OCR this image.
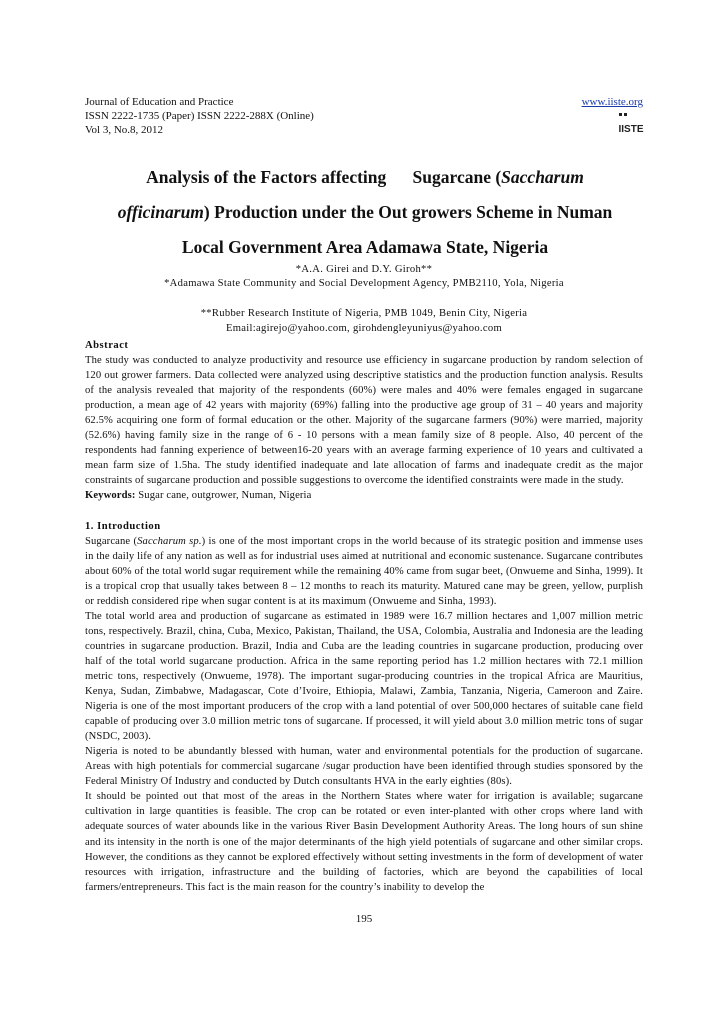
Journal of Education and Practice
ISSN 2222-1735 (Paper) ISSN 2222-288X (Online)
Vol 3, No.8, 2012
www.iiste.org
IISTE
Analysis of the Factors affecting Sugarcane (Saccharum
officinarum) Production under the Out growers Scheme in Numan
Local Government Area Adamawa State, Nigeria
*A.A. Girei and D.Y. Giroh**
*Adamawa State Community and Social Development Agency, PMB2110, Yola, Nigeria
**Rubber Research Institute of Nigeria, PMB 1049, Benin City, Nigeria
Email:agirejo@yahoo.com, girohdengleyuniyus@yahoo.com

Abstract

The study was conducted to analyze productivity and resource use efficiency in sugarcane production by random selection of 120 out grower farmers. Data collected were analyzed using descriptive statistics and the production function analysis. Results of the analysis revealed that majority of the respondents (60%) were males and 40% were females engaged in sugarcane production, a mean age of 42 years with majority (69%) falling into the productive age group of 31 – 40 years and majority 62.5% acquiring one form of formal education or the other. Majority of the sugarcane farmers (90%) were married, majority (52.6%) having family size in the range of 6 - 10 persons with a mean family size of 8 people. Also, 40 percent of the respondents had fanning experience of between16-20 years with an average farming experience of 10 years and cultivated a mean farm size of 1.5ha. The study identified inadequate and late allocation of farms and inadequate credit as the major constraints of sugarcane production and possible suggestions to overcome the identified constraints were made in the study.

Keywords: Sugar cane, outgrower, Numan, Nigeria

1. Introduction

Sugarcane (Saccharum sp.) is one of the most important crops in the world because of its strategic position and immense uses in the daily life of any nation as well as for industrial uses aimed at nutritional and economic sustenance. Sugarcane contributes about 60% of the total world sugar requirement while the remaining 40% came from sugar beet, (Onwueme and Sinha, 1999). It is a tropical crop that usually takes between 8 – 12 months to reach its maturity. Matured cane may be green, yellow, purplish or reddish considered ripe when sugar content is at its maximum (Onwueme and Sinha, 1993).

The total world area and production of sugarcane as estimated in 1989 were 16.7 million hectares and 1,007 million metric tons, respectively. Brazil, china, Cuba, Mexico, Pakistan, Thailand, the USA, Colombia, Australia and Indonesia are the leading countries in sugarcane production. Brazil, India and Cuba are the leading countries in sugarcane production, producing over half of the total world sugarcane production. Africa in the same reporting period has 1.2 million hectares with 72.1 million metric tons, respectively (Onwueme, 1978). The important sugar-producing countries in the tropical Africa are Mauritius, Kenya, Sudan, Zimbabwe, Madagascar, Cote d’Ivoire, Ethiopia, Malawi, Zambia, Tanzania, Nigeria, Cameroon and Zaire. Nigeria is one of the most important producers of the crop with a land potential of over 500,000 hectares of suitable cane field capable of producing over 3.0 million metric tons of sugarcane. If processed, it will yield about 3.0 million metric tons of sugar (NSDC, 2003).

Nigeria is noted to be abundantly blessed with human, water and environmental potentials for the production of sugarcane. Areas with high potentials for commercial sugarcane /sugar production have been identified through studies sponsored by the Federal Ministry Of Industry and conducted by Dutch consultants HVA in the early eighties (80s).

It should be pointed out that most of the areas in the Northern States where water for irrigation is available; sugarcane cultivation in large quantities is feasible. The crop can be rotated or even inter-planted with other crops where land with adequate sources of water abounds like in the various River Basin Development Authority Areas. The long hours of sun shine and its intensity in the north is one of the major determinants of the high yield potentials of sugarcane and other similar crops. However, the conditions as they cannot be explored effectively without setting investments in the form of development of water resources with irrigation, infrastructure and the building of factories, which are beyond the capabilities of local farmers/entrepreneurs. This fact is the main reason for the country’s inability to develop the

195
